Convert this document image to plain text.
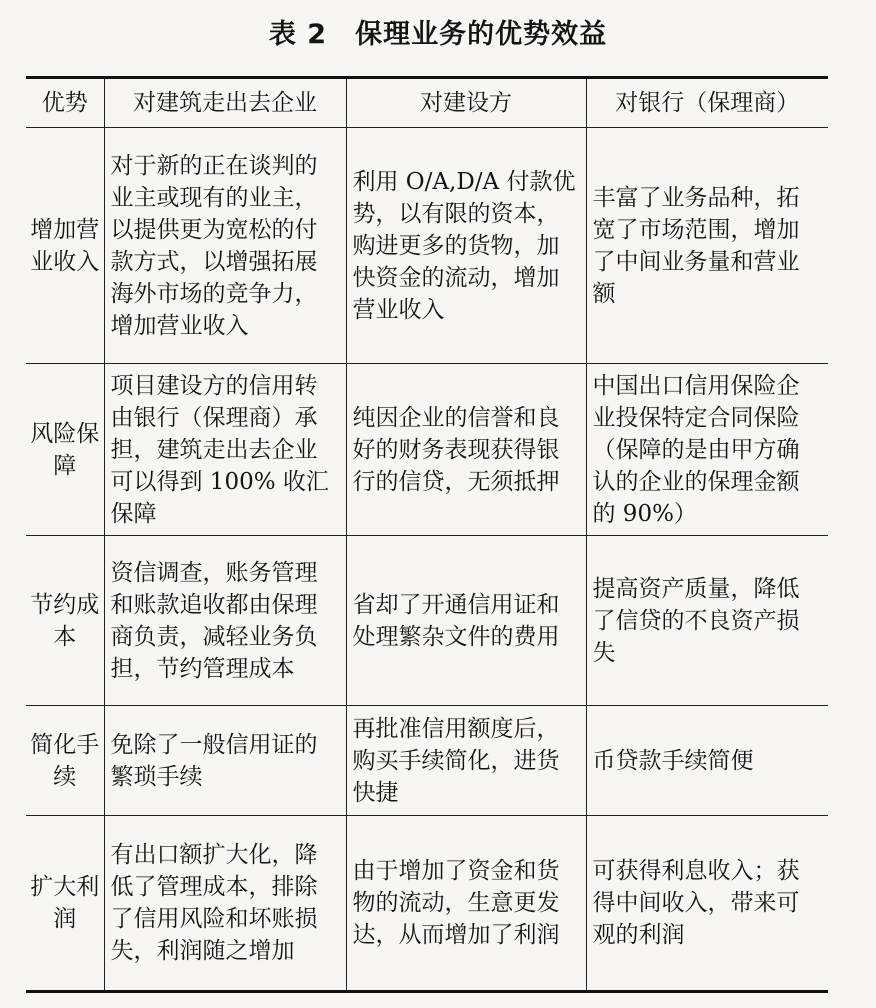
表 2　保理业务的优势效益
优势	对建筑走出去企业	对建设方	对银行（保理商）
增加营业收入	对于新的正在谈判的业主或现有的业主，以提供更为宽松的付款方式，以增强拓展海外市场的竞争力，增加营业收入	利用 O/A,D/A 付款优势，以有限的资本，购进更多的货物，加快资金的流动，增加营业收入	丰富了业务品种，拓宽了市场范围，增加了中间业务量和营业额
风险保障	项目建设方的信用转由银行（保理商）承担，建筑走出去企业可以得到 100% 收汇保障	纯因企业的信誉和良好的财务表现获得银行的信贷，无须抵押	中国出口信用保险企业投保特定合同保险（保障的是由甲方确认的企业的保理金额的 90%）
节约成本	资信调查，账务管理和账款追收都由保理商负责，减轻业务负担，节约管理成本	省却了开通信用证和处理繁杂文件的费用	提高资产质量，降低了信贷的不良资产损失
简化手续	免除了一般信用证的繁琐手续	再批准信用额度后，购买手续简化，进货快捷	币贷款手续简便
扩大利润	有出口额扩大化，降低了管理成本，排除了信用风险和坏账损失，利润随之增加	由于增加了资金和货物的流动，生意更发达，从而增加了利润	可获得利息收入；获得中间收入，带来可观的利润
